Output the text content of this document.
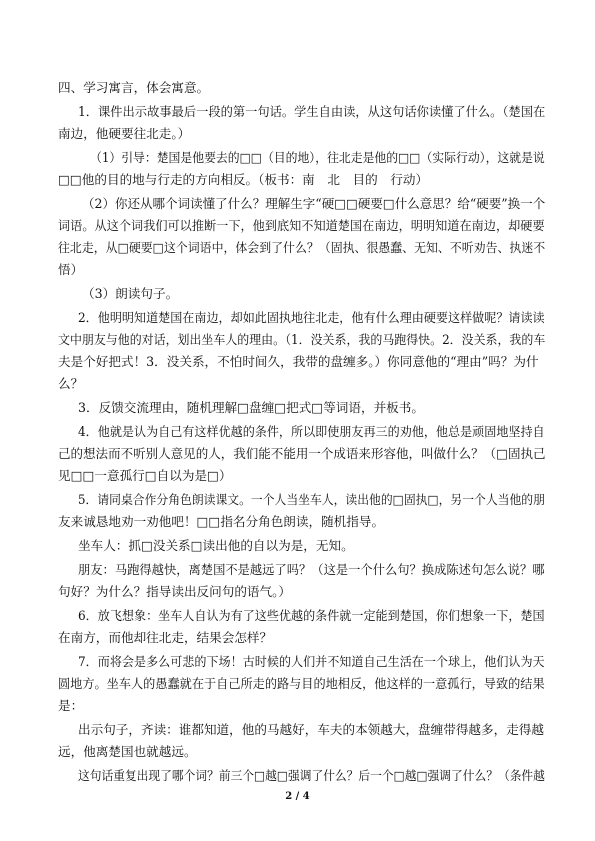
四、学习寓言，体会寓意。
1．课件出示故事最后一段的第一句话。学生自由读，从这句话你读懂了什么。（楚国在
南边，他硬要往北走。）
（1）引导：楚国是他要去的□□（目的地），往北走是他的□□（实际行动），这就是说
□□他的目的地与行走的方向相反。（板书：南　北　目的　行动）
（2）你还从哪个词读懂了什么？理解生字“硬□□硬要□什么意思？给“硬要”换一个
词语。从这个词我们可以推断一下，他到底知不知道楚国在南边，明明知道在南边，却硬要
往北走，从□硬要□这个词语中，体会到了什么？（固执、很愚蠢、无知、不听劝告、执迷不
悟）
（3）朗读句子。
2．他明明知道楚国在南边，却如此固执地往北走，他有什么理由硬要这样做呢？请读读
文中朋友与他的对话，划出坐车人的理由。（1．没关系，我的马跑得快。2．没关系，我的车
夫是个好把式！3．没关系，不怕时间久，我带的盘缠多。）你同意他的“理由”吗？为什
么？
3．反馈交流理由，随机理解□盘缠□把式□等词语，并板书。
4．他就是认为自己有这样优越的条件，所以即使朋友再三的劝他，他总是顽固地坚持自
己的想法而不听别人意见的人，我们能不能用一个成语来形容他，叫做什么？（□固执己
见□□一意孤行□自以为是□）
5．请同桌合作分角色朗读课文。一个人当坐车人，读出他的□固执□，另一个人当他的朋
友来诚恳地劝一劝他吧！□□指名分角色朗读，随机指导。
坐车人：抓□没关系□读出他的自以为是，无知。
朋友：马跑得越快，离楚国不是越远了吗？（这是一个什么句？换成陈述句怎么说？哪
句好？为什么？指导读出反问句的语气。）
6．放飞想象：坐车人自认为有了这些优越的条件就一定能到楚国，你们想象一下，楚国
在南方，而他却往北走，结果会怎样？
7．而将会是多么可悲的下场！古时候的人们并不知道自己生活在一个球上，他们认为天
圆地方。坐车人的愚蠢就在于自己所走的路与目的地相反，他这样的一意孤行，导致的结果
是：
出示句子，齐读：谁都知道，他的马越好，车夫的本领越大，盘缠带得越多，走得越
远，他离楚国也就越远。
这句话重复出现了哪个词？前三个□越□强调了什么？后一个□越□强调了什么？（条件越
2 / 4
